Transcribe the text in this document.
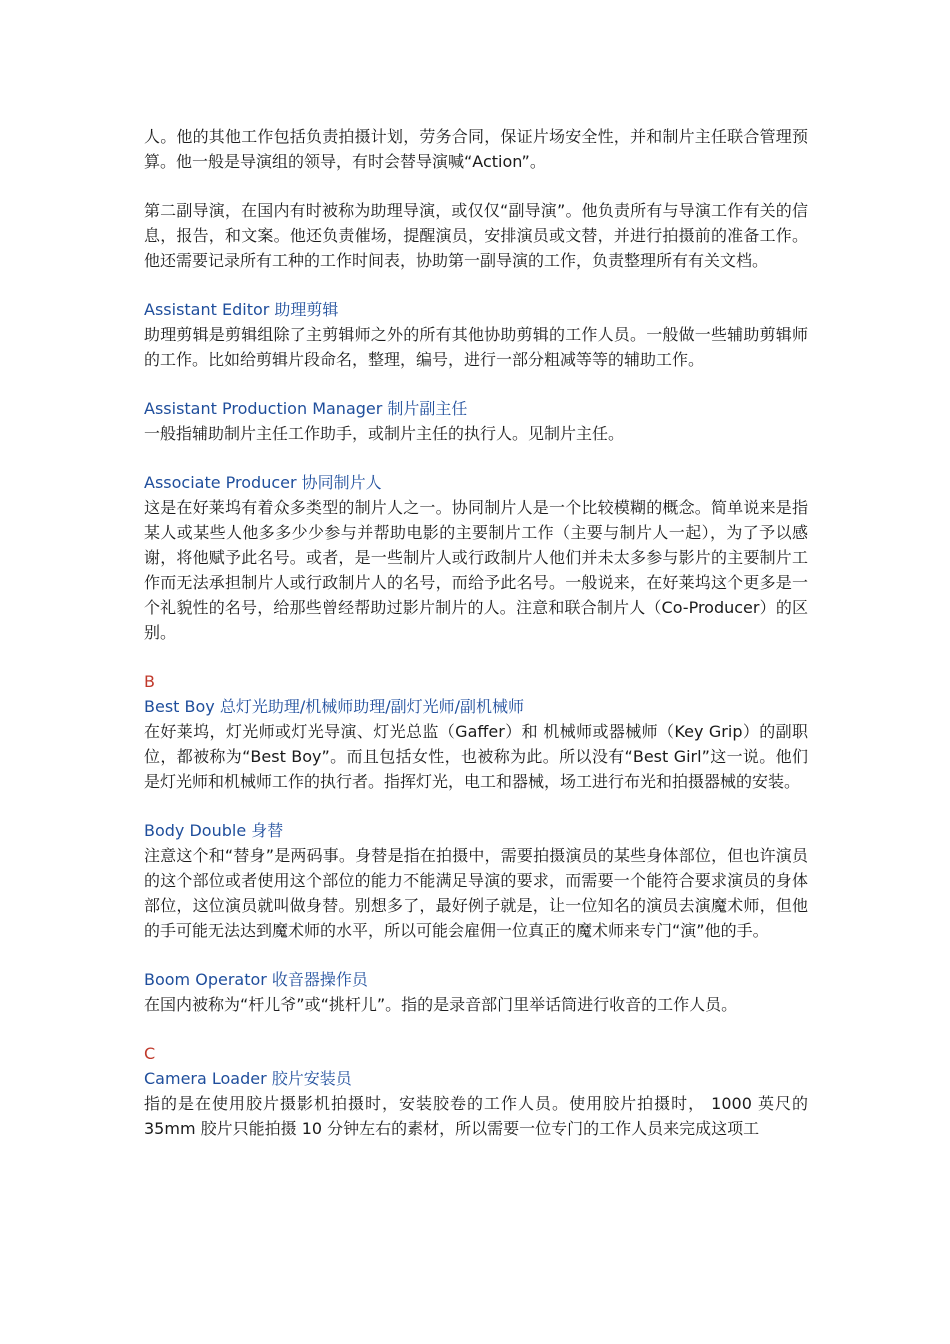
人。他的其他工作包括负责拍摄计划，劳务合同，保证片场安全性，并和制片主任联合管理预算。他一般是导演组的领导，有时会替导演喊“Action”。

第二副导演，在国内有时被称为助理导演，或仅仅“副导演”。他负责所有与导演工作有关的信息，报告，和文案。他还负责催场，提醒演员，安排演员或文替，并进行拍摄前的准备工作。他还需要记录所有工种的工作时间表，协助第一副导演的工作，负责整理所有有关文档。

Assistant Editor 助理剪辑

助理剪辑是剪辑组除了主剪辑师之外的所有其他协助剪辑的工作人员。一般做一些辅助剪辑师的工作。比如给剪辑片段命名，整理，编号，进行一部分粗减等等的辅助工作。

Assistant Production Manager 制片副主任

一般指辅助制片主任工作助手，或制片主任的执行人。见制片主任。

Associate Producer 协同制片人

这是在好莱坞有着众多类型的制片人之一。协同制片人是一个比较模糊的概念。简单说来是指某人或某些人他多多少少参与并帮助电影的主要制片工作（主要与制片人一起），为了予以感谢，将他赋予此名号。或者，是一些制片人或行政制片人他们并未太多参与影片的主要制片工作而无法承担制片人或行政制片人的名号，而给予此名号。一般说来，在好莱坞这个更多是一个礼貌性的名号，给那些曾经帮助过影片制片的人。注意和联合制片人（Co-Producer）的区别。

B

Best Boy 总灯光助理/机械师助理/副灯光师/副机械师

在好莱坞，灯光师或灯光导演、灯光总监（Gaffer）和 机械师或器械师（Key Grip）的副职位，都被称为“Best Boy”。而且包括女性，也被称为此。所以没有“Best Girl”这一说。他们是灯光师和机械师工作的执行者。指挥灯光，电工和器械，场工进行布光和拍摄器械的安装。

Body Double 身替

注意这个和“替身”是两码事。身替是指在拍摄中，需要拍摄演员的某些身体部位，但也许演员的这个部位或者使用这个部位的能力不能满足导演的要求，而需要一个能符合要求演员的身体部位，这位演员就叫做身替。别想多了，最好例子就是，让一位知名的演员去演魔术师，但他的手可能无法达到魔术师的水平，所以可能会雇佣一位真正的魔术师来专门“演”他的手。

Boom Operator 收音器操作员

在国内被称为“杆儿爷”或“挑杆儿”。指的是录音部门里举话筒进行收音的工作人员。

C

Camera Loader 胶片安装员

指的是在使用胶片摄影机拍摄时，安装胶卷的工作人员。使用胶片拍摄时， 1000 英尺的 35mm 胶片只能拍摄 10 分钟左右的素材，所以需要一位专门的工作人员来完成这项工
